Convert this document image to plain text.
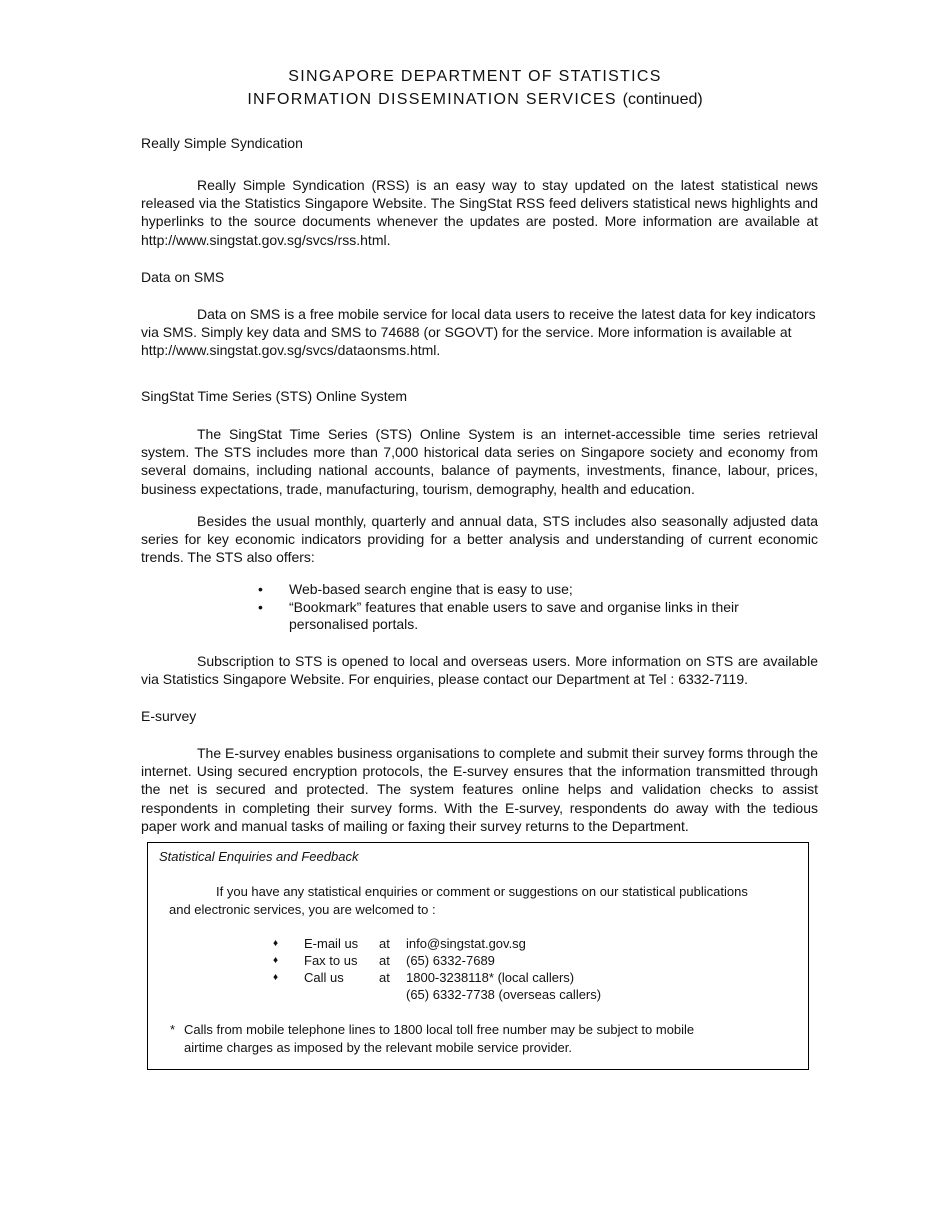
SINGAPORE DEPARTMENT OF STATISTICS
INFORMATION DISSEMINATION SERVICES (continued)
Really Simple Syndication

Really Simple Syndication (RSS) is an easy way to stay updated on the latest statistical news released via the Statistics Singapore Website. The SingStat RSS feed delivers statistical news highlights and hyperlinks to the source documents whenever the updates are posted. More information are available at http://www.singstat.gov.sg/svcs/rss.html.

Data on SMS

Data on SMS is a free mobile service for local data users to receive the latest data for key indicators via SMS. Simply key data and SMS to 74688 (or SGOVT) for the service. More information is available at http://www.singstat.gov.sg/svcs/dataonsms.html.

SingStat Time Series (STS) Online System

The SingStat Time Series (STS) Online System is an internet-accessible time series retrieval system. The STS includes more than 7,000 historical data series on Singapore society and economy from several domains, including national accounts, balance of payments, investments, finance, labour, prices, business expectations, trade, manufacturing, tourism, demography, health and education.

Besides the usual monthly, quarterly and annual data, STS includes also seasonally adjusted data series for key economic indicators providing for a better analysis and understanding of current economic trends. The STS also offers:

• Web-based search engine that is easy to use;
• “Bookmark” features that enable users to save and organise links in their personalised portals.

Subscription to STS is opened to local and overseas users. More information on STS are available via Statistics Singapore Website. For enquiries, please contact our Department at Tel : 6332-7119.

E-survey

The E-survey enables business organisations to complete and submit their survey forms through the internet. Using secured encryption protocols, the E-survey ensures that the information transmitted through the net is secured and protected. The system features online helps and validation checks to assist respondents in completing their survey forms. With the E-survey, respondents do away with the tedious paper work and manual tasks of mailing or faxing their survey returns to the Department.

Statistical Enquiries and Feedback

If you have any statistical enquiries or comment or suggestions on our statistical publications and electronic services, you are welcomed to :

♦	E-mail us	at	info@singstat.gov.sg
♦	Fax to us	at	(65) 6332-7689
♦	Call us	at	1800-3238118* (local callers)
			(65) 6332-7738 (overseas callers)
* Calls from mobile telephone lines to 1800 local toll free number may be subject to mobile airtime charges as imposed by the relevant mobile service provider.
